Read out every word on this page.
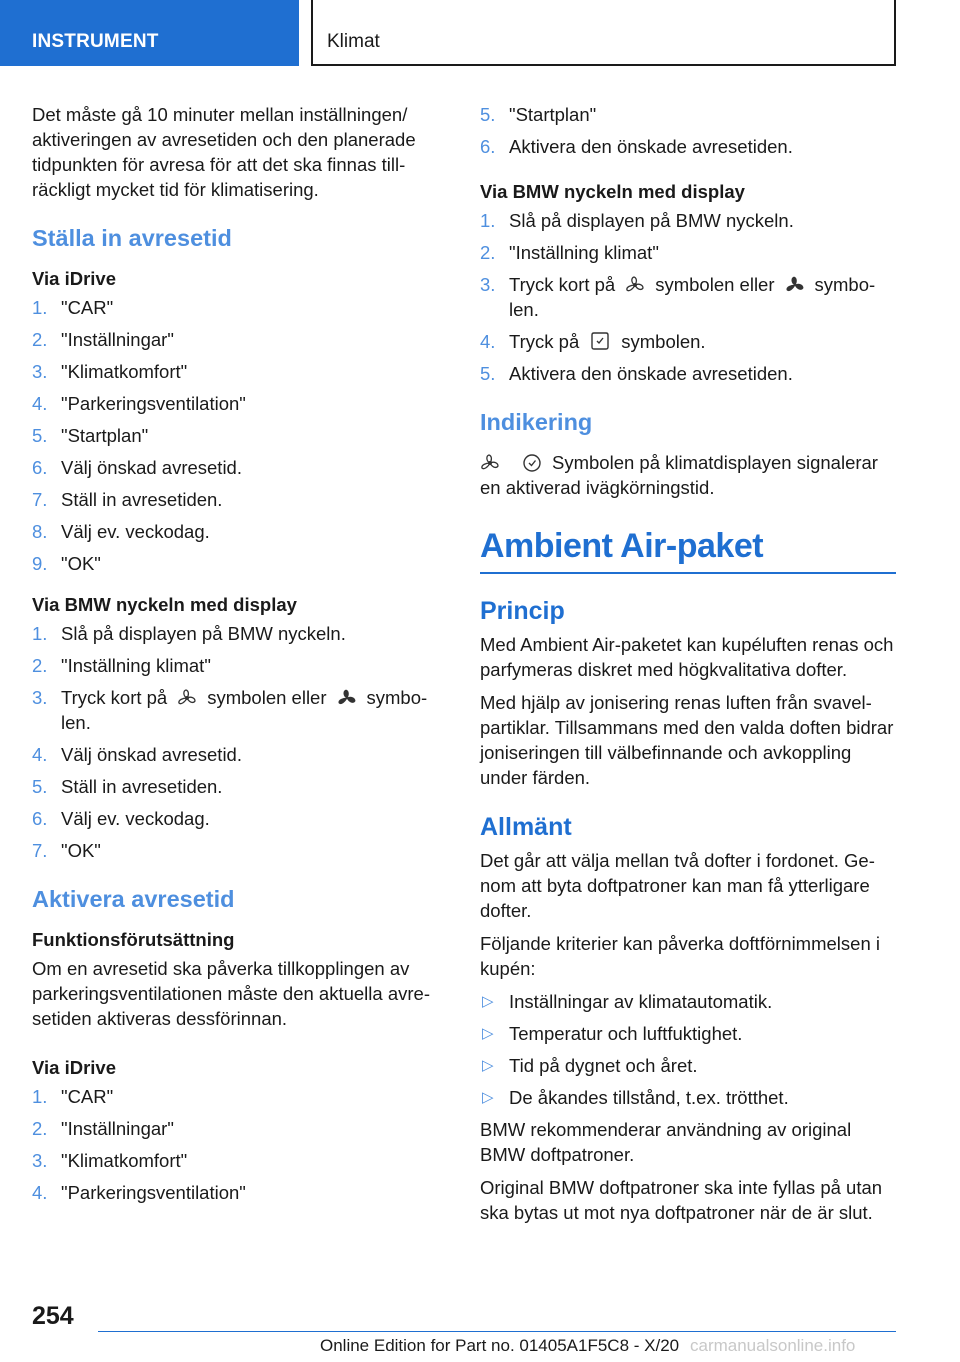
INSTRUMENT	Klimat

Det måste gå 10 minuter mellan inställningen/ aktiveringen av avresetiden och den planerade tidpunkten för avresa för att det ska finnas tillräckligt mycket tid för klimatisering.

Ställa in avresetid
Via iDrive
1. "CAR"
2. "Inställningar"
3. "Klimatkomfort"
4. "Parkeringsventilation"
5. "Startplan"
6. Välj önskad avresetid.
7. Ställ in avresetiden.
8. Välj ev. veckodag.
9. "OK"
Via BMW nyckeln med display
1. Slå på displayen på BMW nyckeln.
2. "Inställning klimat"
3. Tryck kort på symbolen eller symbolen.
4. Välj önskad avresetid.
5. Ställ in avresetiden.
6. Välj ev. veckodag.
7. "OK"
Aktivera avresetid
Funktionsförutsättning

Om en avresetid ska påverka tillkopplingen av parkeringsventilationen måste den aktuella avresetiden aktiveras dessförinnan.

Via iDrive
1. "CAR"
2. "Inställningar"
3. "Klimatkomfort"
4. "Parkeringsventilation"
5. "Startplan"
6. Aktivera den önskade avresetiden.
Via BMW nyckeln med display
1. Slå på displayen på BMW nyckeln.
2. "Inställning klimat"
3. Tryck kort på symbolen eller symbolen.
4. Tryck på symbolen.
5. Aktivera den önskade avresetiden.
Indikering

Symbolen på klimatdisplayen signalerar en aktiverad ivägkörningstid.

Ambient Air-paket
Princip

Med Ambient Air-paketet kan kupéluften renas och parfymeras diskret med högkvalitativa dofter.

Med hjälp av jonisering renas luften från svavelpartiklar. Tillsammans med den valda doften bidrar joniseringen till välbefinnande och avkoppling under färden.

Allmänt

Det går att välja mellan två dofter i fordonet. Genom att byta doftpatroner kan man få ytterligare dofter.

Följande kriterier kan påverka doftförnimmelsen i kupén:

▷ Inställningar av klimatautomatik.
▷ Temperatur och luftfuktighet.
▷ Tid på dygnet och året.
▷ De åkandes tillstånd, t.ex. trötthet.

BMW rekommenderar användning av original BMW doftpatroner.

Original BMW doftpatroner ska inte fyllas på utan ska bytas ut mot nya doftpatroner när de är slut.

254
Online Edition for Part no. 01405A1F5C8 - X/20 carmanualsonline.info
